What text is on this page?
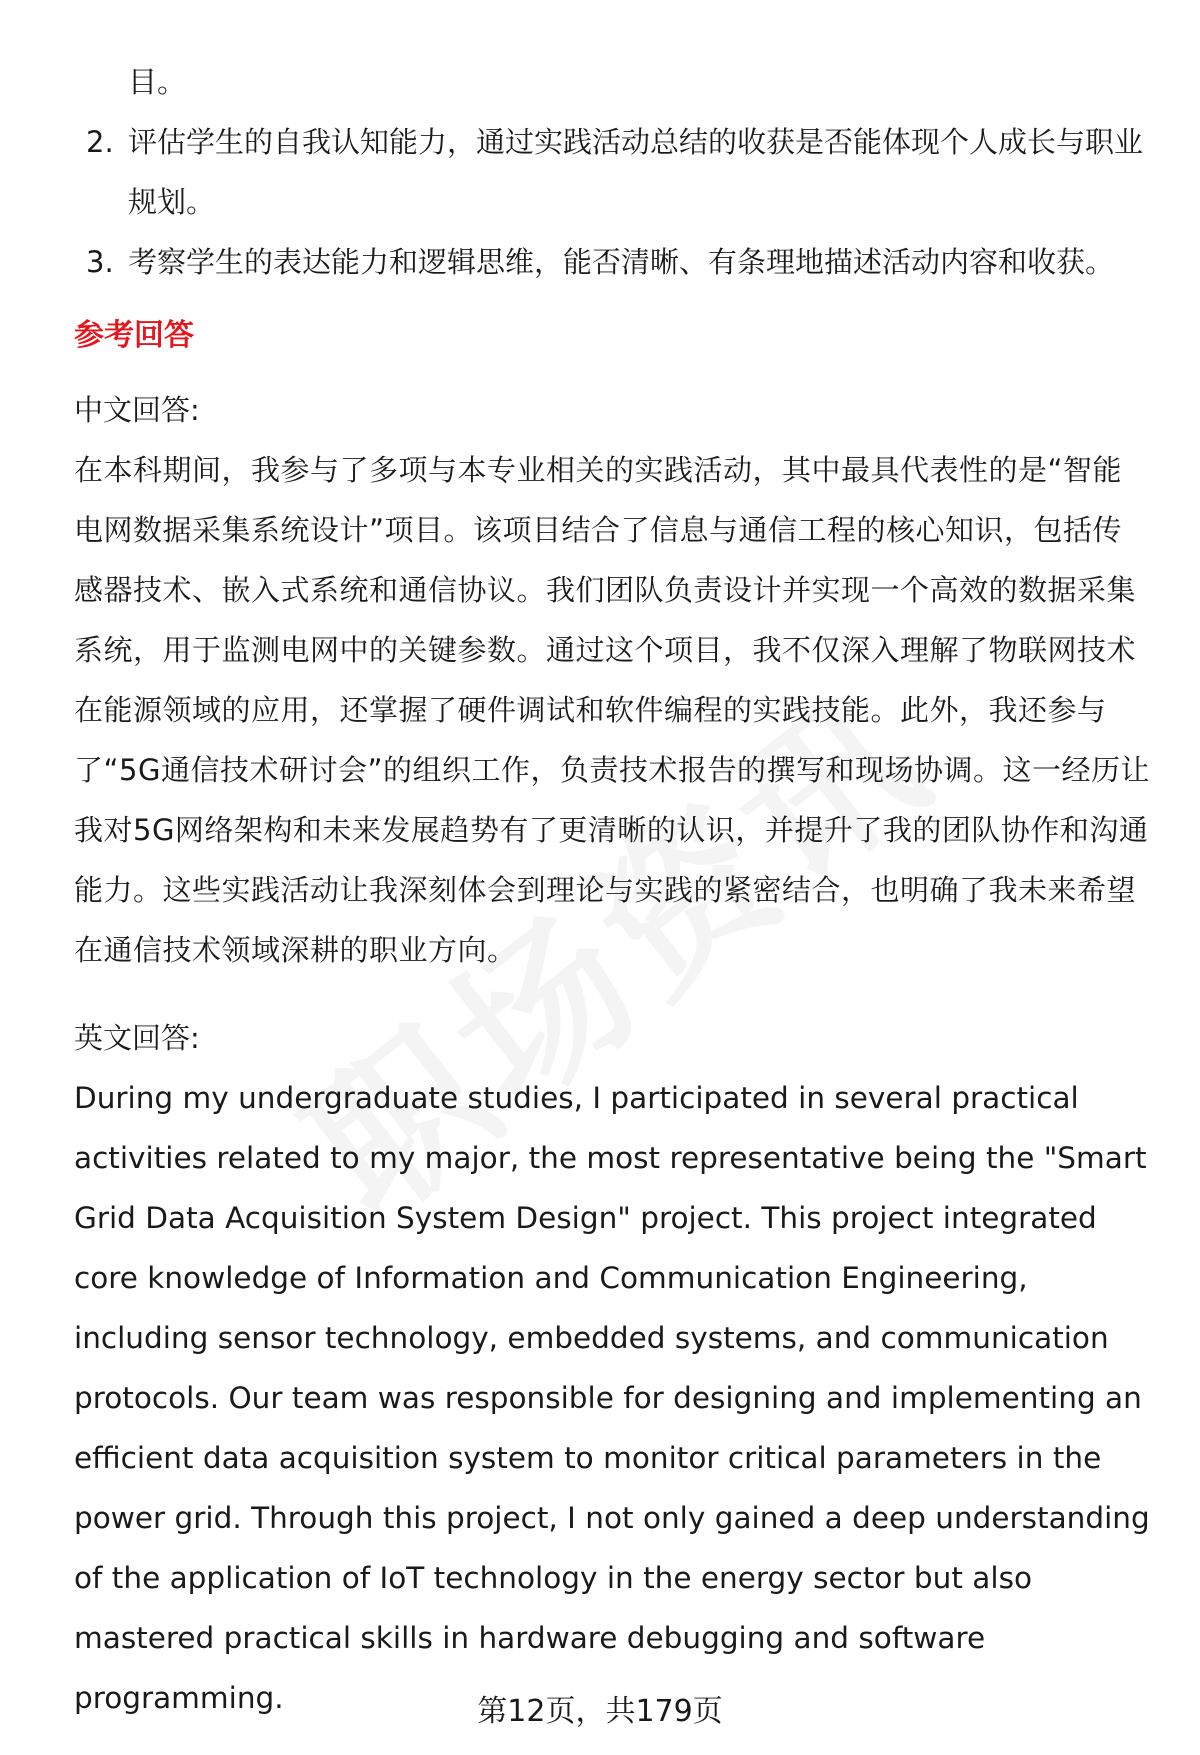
目。
2. 评估学生的自我认知能力，通过实践活动总结的收获是否能体现个人成长与职业规划。
3. 考察学生的表达能力和逻辑思维，能否清晰、有条理地描述活动内容和收获。
参考回答
中文回答:
在本科期间，我参与了多项与本专业相关的实践活动，其中最具代表性的是“智能电网数据采集系统设计”项目。该项目结合了信息与通信工程的核心知识，包括传感器技术、嵌入式系统和通信协议。我们团队负责设计并实现一个高效的数据采集系统，用于监测电网中的关键参数。通过这个项目，我不仅深入理解了物联网技术在能源领域的应用，还掌握了硬件调试和软件编程的实践技能。此外，我还参与了“5G通信技术研讨会”的组织工作，负责技术报告的撰写和现场协调。这一经历让我对5G网络架构和未来发展趋势有了更清晰的认识，并提升了我的团队协作和沟通能力。这些实践活动让我深刻体会到理论与实践的紧密结合，也明确了我未来希望在通信技术领域深耕的职业方向。
英文回答:
During my undergraduate studies, I participated in several practical activities related to my major, the most representative being the "Smart Grid Data Acquisition System Design" project. This project integrated core knowledge of Information and Communication Engineering, including sensor technology, embedded systems, and communication protocols. Our team was responsible for designing and implementing an efficient data acquisition system to monitor critical parameters in the power grid. Through this project, I not only gained a deep understanding of the application of IoT technology in the energy sector but also mastered practical skills in hardware debugging and software programming.	第12页，共179页
